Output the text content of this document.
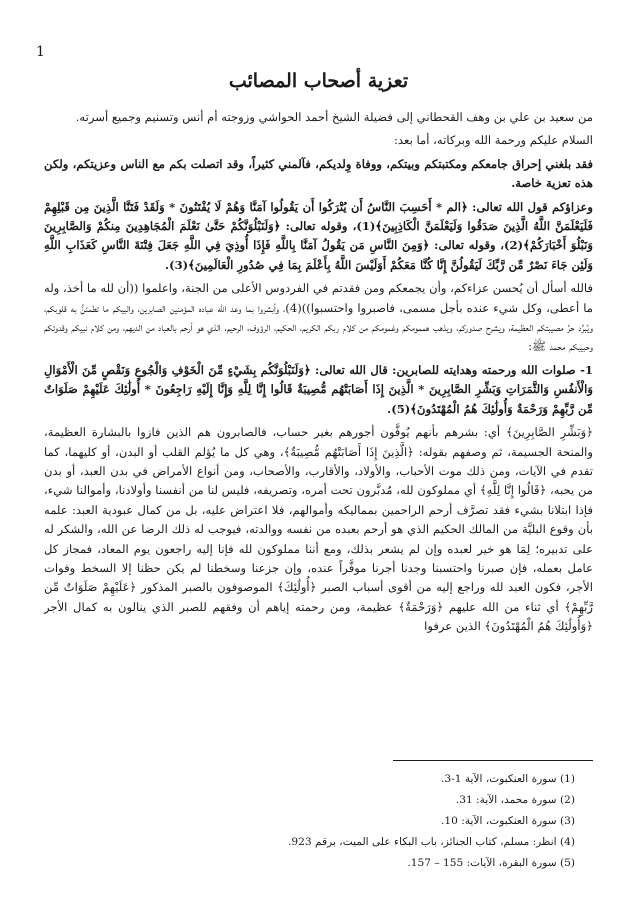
1
تعزية أصحاب المصائب

من سعيد بن علي بن وهف القحطاني إلى فضيلة الشيخ أحمد الحواشي وزوجته أم أنس وتسنيم وجميع أسرته.

السلام عليكم ورحمة الله وبركاته، أما بعد:

فقد بلغني إحراق جامعكم ومكتبتكم وبيتكم، ووفاة وِلديكم، فآلمني كثيراً، وقد اتصلت بكم مع الناس وعزيتكم، ولكن هذه تعزية خاصة.

وعزاؤكم قول الله تعالى: ﴿الم * أَحَسِبَ النَّاسُ أَن يُتْرَكُوا أَن يَقُولُوا آمَنَّا وَهُمْ لَا يُفْتَنُونَ * وَلَقَدْ فَتَنَّا الَّذِينَ مِن قَبْلِهِمْ فَلَيَعْلَمَنَّ اللَّهُ الَّذِينَ صَدَقُوا وَلَيَعْلَمَنَّ الْكَاذِبِينَ﴾(1)، وقوله تعالى: ﴿وَلَنَبْلُوَنَّكُمْ حَتَّىٰ نَعْلَمَ الْمُجَاهِدِينَ مِنكُمْ وَالصَّابِرِينَ وَنَبْلُوَ أَخْبَارَكُمْ﴾(2)، وقوله تعالى: ﴿وَمِنَ النَّاسِ مَن يَقُولُ آمَنَّا بِاللَّهِ فَإِذَا أُوذِيَ فِي اللَّهِ جَعَلَ فِتْنَةَ النَّاسِ كَعَذَابِ اللَّهِ وَلَئِن جَاءَ نَصْرٌ مِّن رَّبِّكَ لَيَقُولُنَّ إِنَّا كُنَّا مَعَكُمْ أَوَلَيْسَ اللَّهُ بِأَعْلَمَ بِمَا فِي صُدُورِ الْعَالَمِينَ﴾(3).

فالله أسأل أن يُحسن عزاءكم، وأن يجمعكم ومن فقدتم في الفردوس الأعلى من الجنة، واعلموا ((أن لله ما أخذ، وله ما أعطى، وكل شيء عنده بأجل مسمى، فاصبروا واحتسبوا))(4)، وأبشروا بما وعد الله عباده المؤمنين الصابرين، والبيكم ما تطمئنُّ به قلوبكم، ويُبرِّد حرَّ مصيبتكم العظيمة، ويشرح صدوركم، ويذهب هممومكم وغمومكم من كلام ربكم الكريم، الحكيم، الرؤوف، الرحيم، الذي هو أرحم بالعباد من الديهم، ومن كلام نبيكم وقدوتكم وحبيبكم محمد ﷺ:

1- صلوات الله ورحمته وهدايته للصابرين: قال الله تعالى: ﴿وَلَنَبْلُوَنَّكُم بِشَيْءٍ مِّنَ الْخَوْفِ وَالْجُوعِ وَنَقْصٍ مِّنَ الْأَمْوَالِ وَالْأَنفُسِ وَالثَّمَرَاتِ وَبَشِّرِ الصَّابِرِينَ * الَّذِينَ إِذَا أَصَابَتْهُم مُّصِيبَةٌ قَالُوا إِنَّا لِلَّهِ وَإِنَّا إِلَيْهِ رَاجِعُونَ * أُولَٰئِكَ عَلَيْهِمْ صَلَوَاتٌ مِّن رَّبِّهِمْ وَرَحْمَةٌ وَأُولَٰئِكَ هُمُ الْمُهْتَدُونَ﴾(5).

﴿وَبَشِّرِ الصَّابِرِينَ﴾ أي: بشرهم بأنهم يُوفَّون أجورهم بغير حساب، فالصابرون هم الذين فازوا بالبشارة العظيمة، والمنحة الجسيمة، ثم وصفهم بقوله: ﴿الَّذِينَ إِذَا أَصَابَتْهُم مُّصِيبَةٌ﴾، وهي كل ما يُؤلم القلب أو البدن، أو كليهما، كما تقدم في الآيات، ومن ذلك موت الأحباب، والأولاد، والأقارب، والأصحاب، ومن أنواع الأمراض في بدن العبد، أو بدن من يحبه، ﴿قَالُوا إِنَّا لِلَّهِ﴾ أي مملوكون لله، مُدبَّرون تحت أمره، وتصريفه، فليس لنا من أنفسنا وأولادنا، وأموالنا شيء، فإذا ابتلانا بشيء فقد تصرَّف أرحم الراحمين بمماليكه وأموالهم، فلا اعتراض عليه، بل من كمال عبودية العبد: علمه بأن وقوع البليَّة من المالك الحكيم الذي هو أرحم بعبده من نفسه ووالدته، فيوجب له ذلك الرضا عن الله، والشكر له على تدبيره؛ لِمَا هو خير لعبده وإن لم يشعر بذلك، ومع أننا مملوكون لله فإنا إليه راجعون يوم المعاد، فمجاز كل عامل بعمله، فإن صبرنا واحتسبنا وجدنا أجرنا موفَّراً عنده، وإن جزعنا وسخطنا لم يكن حظنا إلا السخط وفوات الأجر، فكون العبد لله وراجع إليه من أقوى أسباب الصبر ﴿أُولَٰئِكَ﴾ الموصوفون بالصبر المذكور ﴿عَلَيْهِمْ صَلَوَاتٌ مِّن رَّبِّهِمْ﴾ أي ثناء من الله عليهم ﴿وَرَحْمَةٌ﴾ عظيمة، ومن رحمته إياهم أن وفقهم للصبر الذي ينالون به كمال الأجر ﴿وَأُولَٰئِكَ هُمُ الْمُهْتَدُونَ﴾ الذين عرفوا

(1) سورة العنكبوت، الآية 1-3.

(2) سورة محمد، الآية: 31.

(3) سورة العنكبوت، الآية: 10.

(4) انظر: مسلم، كتاب الجنائز، باب البكاء على الميت، برقم 923.

(5) سورة البقرة، الآيات: 155 – 157.
